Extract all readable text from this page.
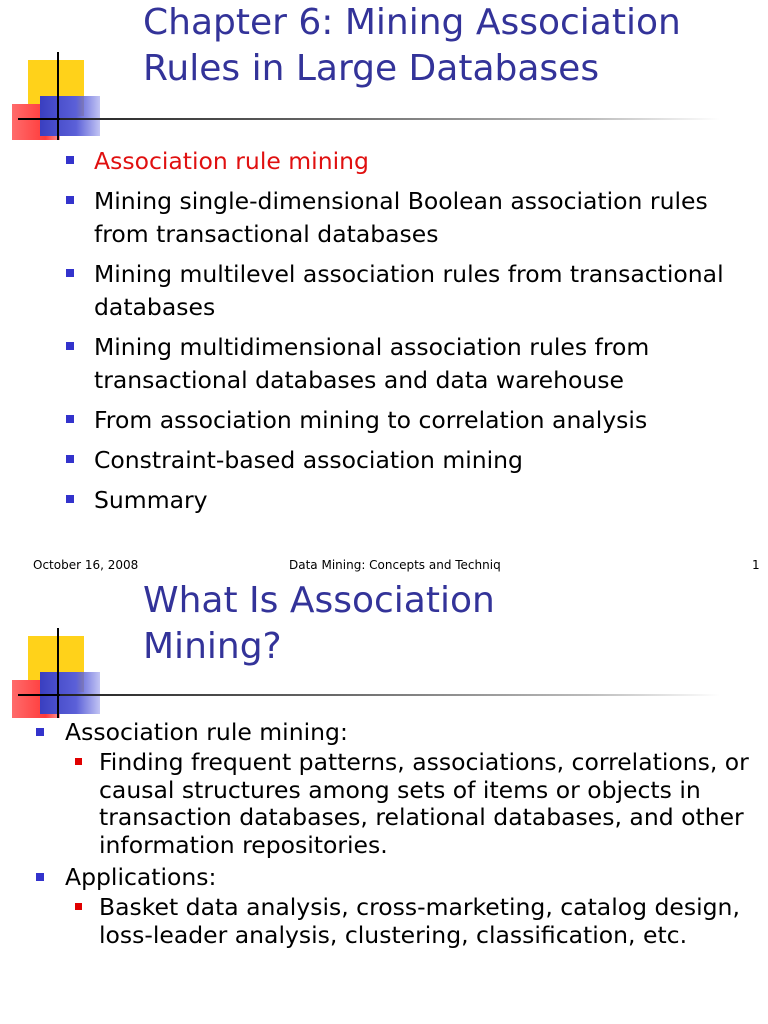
Chapter 6: Mining Association Rules in Large Databases
Association rule mining
Mining single-dimensional Boolean association rules from transactional databases
Mining multilevel association rules from transactional databases
Mining multidimensional association rules from transactional databases and data warehouse
From association mining to correlation analysis
Constraint-based association mining
Summary
October 16, 2008	Data Mining: Concepts and Techniq	1
What Is Association Mining?
Association rule mining:
Finding frequent patterns, associations, correlations, or causal structures among sets of items or objects in transaction databases, relational databases, and other information repositories.
Applications:
Basket data analysis, cross-marketing, catalog design, loss-leader analysis, clustering, classification, etc.
